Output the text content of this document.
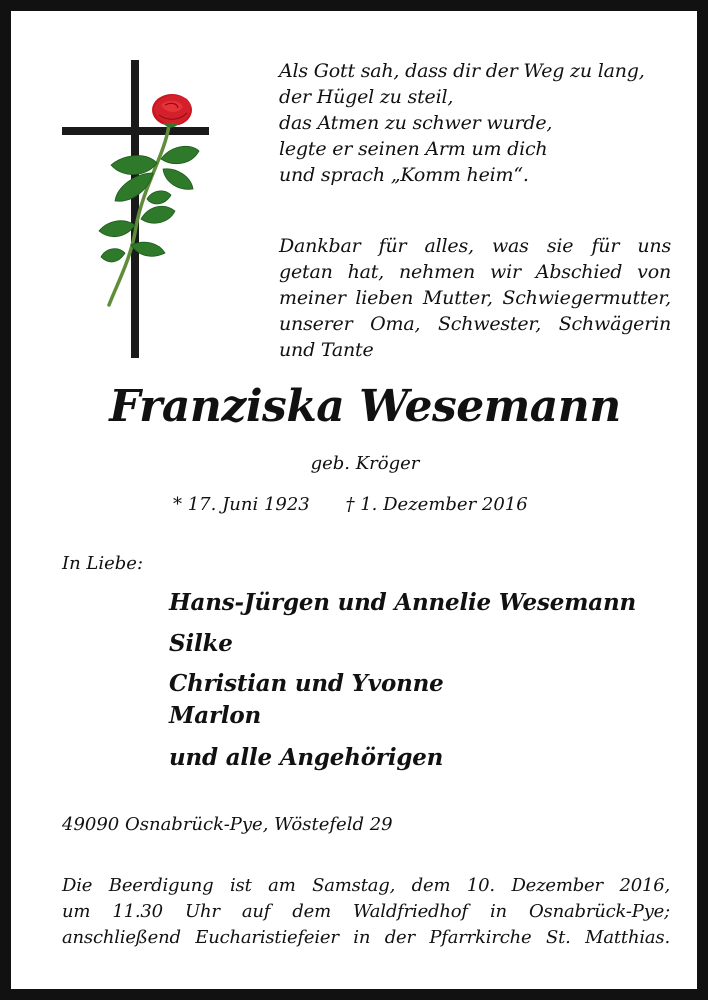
Als Gott sah, dass dir der Weg zu lang,
der Hügel zu steil,
das Atmen zu schwer wurde,
legte er seinen Arm um dich
und sprach „Komm heim“.
Dankbar für alles, was sie für uns
getan hat, nehmen wir Abschied von
meiner lieben Mutter, Schwiegermutter,
unserer Oma, Schwester, Schwägerin
und Tante
Franziska Wesemann
geb. Kröger
* 17. Juni 1923 † 1. Dezember 2016
In Liebe:
Hans-Jürgen und Annelie Wesemann
Silke
Christian und Yvonne
Marlon
und alle Angehörigen
49090 Osnabrück-Pye, Wöstefeld 29
Die Beerdigung ist am Samstag, dem 10. Dezember 2016,
um 11.30 Uhr auf dem Waldfriedhof in Osnabrück-Pye;
anschließend Eucharistiefeier in der Pfarrkirche St. Matthias.
